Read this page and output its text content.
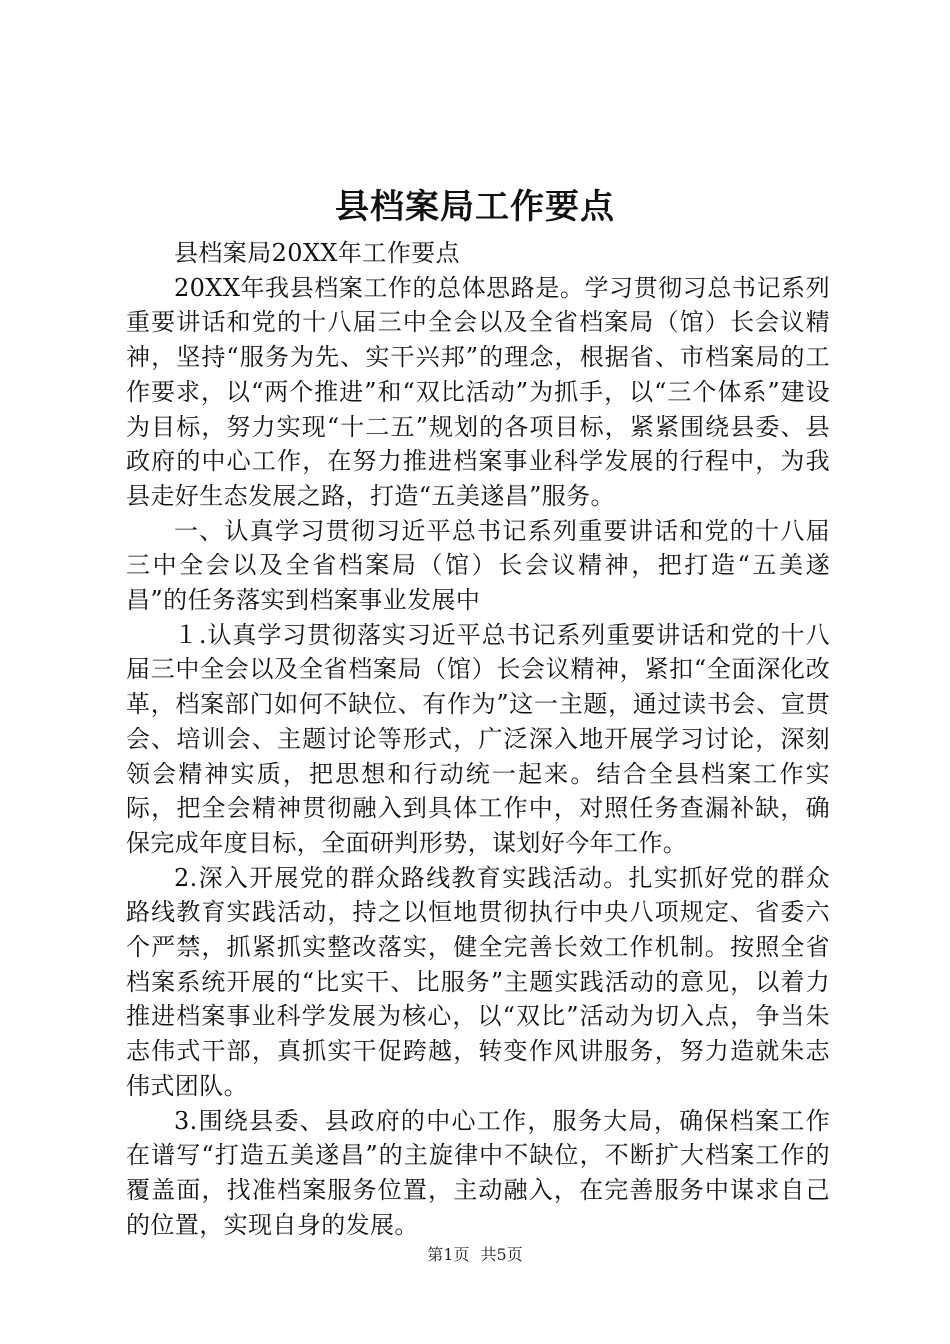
县档案局工作要点

县档案局20XX年工作要点

20XX年我县档案工作的总体思路是。学习贯彻习总书记系列重要讲话和党的十八届三中全会以及全省档案局（馆）长会议精神，坚持“服务为先、实干兴邦”的理念，根据省、市档案局的工作要求，以“两个推进”和“双比活动”为抓手，以“三个体系”建设为目标，努力实现“十二五”规划的各项目标，紧紧围绕县委、县政府的中心工作，在努力推进档案事业科学发展的行程中，为我县走好生态发展之路，打造“五美遂昌”服务。

一、认真学习贯彻习近平总书记系列重要讲话和党的十八届三中全会以及全省档案局（馆）长会议精神，把打造“五美遂昌”的任务落实到档案事业发展中

１.认真学习贯彻落实习近平总书记系列重要讲话和党的十八届三中全会以及全省档案局（馆）长会议精神，紧扣“全面深化改革，档案部门如何不缺位、有作为”这一主题，通过读书会、宣贯会、培训会、主题讨论等形式，广泛深入地开展学习讨论，深刻领会精神实质，把思想和行动统一起来。结合全县档案工作实际，把全会精神贯彻融入到具体工作中，对照任务查漏补缺，确保完成年度目标，全面研判形势，谋划好今年工作。

2.深入开展党的群众路线教育实践活动。扎实抓好党的群众路线教育实践活动，持之以恒地贯彻执行中央八项规定、省委六个严禁，抓紧抓实整改落实，健全完善长效工作机制。按照全省档案系统开展的“比实干、比服务”主题实践活动的意见，以着力推进档案事业科学发展为核心，以“双比”活动为切入点，争当朱志伟式干部，真抓实干促跨越，转变作风讲服务，努力造就朱志伟式团队。

3.围绕县委、县政府的中心工作，服务大局，确保档案工作在谱写“打造五美遂昌”的主旋律中不缺位，不断扩大档案工作的覆盖面，找准档案服务位置，主动融入，在完善服务中谋求自己的位置，实现自身的发展。

第1页 共5页
